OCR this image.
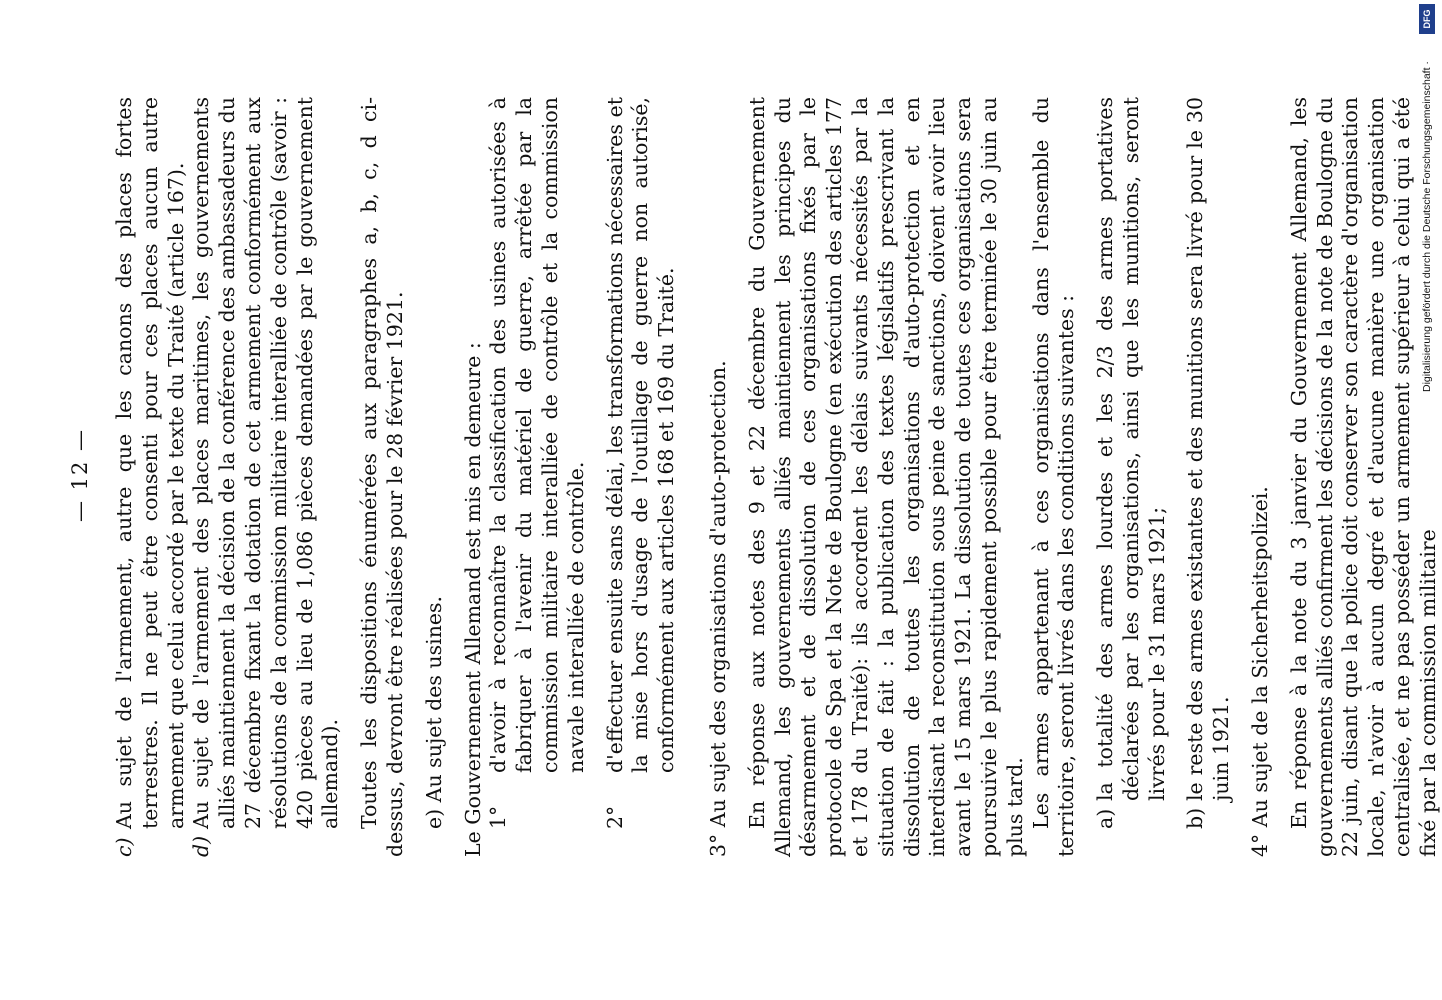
— 12 —
c)

Au sujet de l'armement, autre que les canons des places fortes terrestres. Il ne peut être consenti pour ces places aucun autre armement que celui accordé par le texte du Traité (article 167).

d)

Au sujet de l'armement des places maritimes, les gouvernements alliés maintiennent la décision de la conférence des ambassadeurs du 27 décembre fixant la dotation de cet armement conformément aux résolutions de la commission militaire interalliée de contrôle (savoir : 420 pièces au lieu de 1,086 pièces demandées par le gouvernement allemand). Toutes les dispositions énumérées aux paragraphes a, b, c, d ci-dessus, devront être réalisées pour le 28 février 1921. e) Au sujet des usines. Le Gouvernement Allemand est mis en demeure : 1°

d'avoir à reconnaître la classification des usines autorisées à fabriquer à l'avenir du matériel de guerre, arrêtée par la commission militaire interalliée de contrôle et la commission navale interalliée de contrôle.

2°

d'effectuer ensuite sans délai, les transformations nécessaires et la mise hors d'usage de l'outillage de guerre non autorisé, conformément aux articles 168 et 169 du Traité. 3° Au sujet des organisations d'auto-protection. En réponse aux notes des 9 et 22 décembre du Gouvernement Allemand, les gouvernements alliés maintiennent les principes du désarmement et de dissolution de ces organisations fixés par le protocole de Spa et la Note de Boulogne (en exécution des articles 177 et 178 du Traité): ils accordent les délais suivants nécessités par la situation de fait : la publication des textes législatifs prescrivant la dissolution de toutes les organisations d'auto-protection et en interdisant la reconstitution sous peine de sanctions, doivent avoir lieu avant le 15 mars 1921. La dissolution de toutes ces organisations sera poursuivie le plus rapidement possible pour être terminée le 30 juin au plus tard. Les armes appartenant à ces organisations dans l'ensemble du territoire, seront livrés dans les conditions suivantes : a)

la totalité des armes lourdes et les 2/3 des armes portatives déclarées par les organisations, ainsi que les munitions, seront livrés pour le 31 mars 1921;

b)

le reste des armes existantes et des munitions sera livré pour le 30 juin 1921. 4° Au sujet de la Sicherheitspolizei. En réponse à la note du 3 janvier du Gouvernement Allemand, les gouvernements alliés confirment les décisions de la note de Boulogne du 22 juin, disant que la police doit conserver son caractère d'organisation locale, n'avoir à aucun degré et d'aucune manière une organisation centralisée, et ne pas posséder un armement supérieur à celui qui a été fixé par la commission militaire

DFG
Digitalisierung gefördert durch die Deutsche Forschungsgemeinschaft ·
